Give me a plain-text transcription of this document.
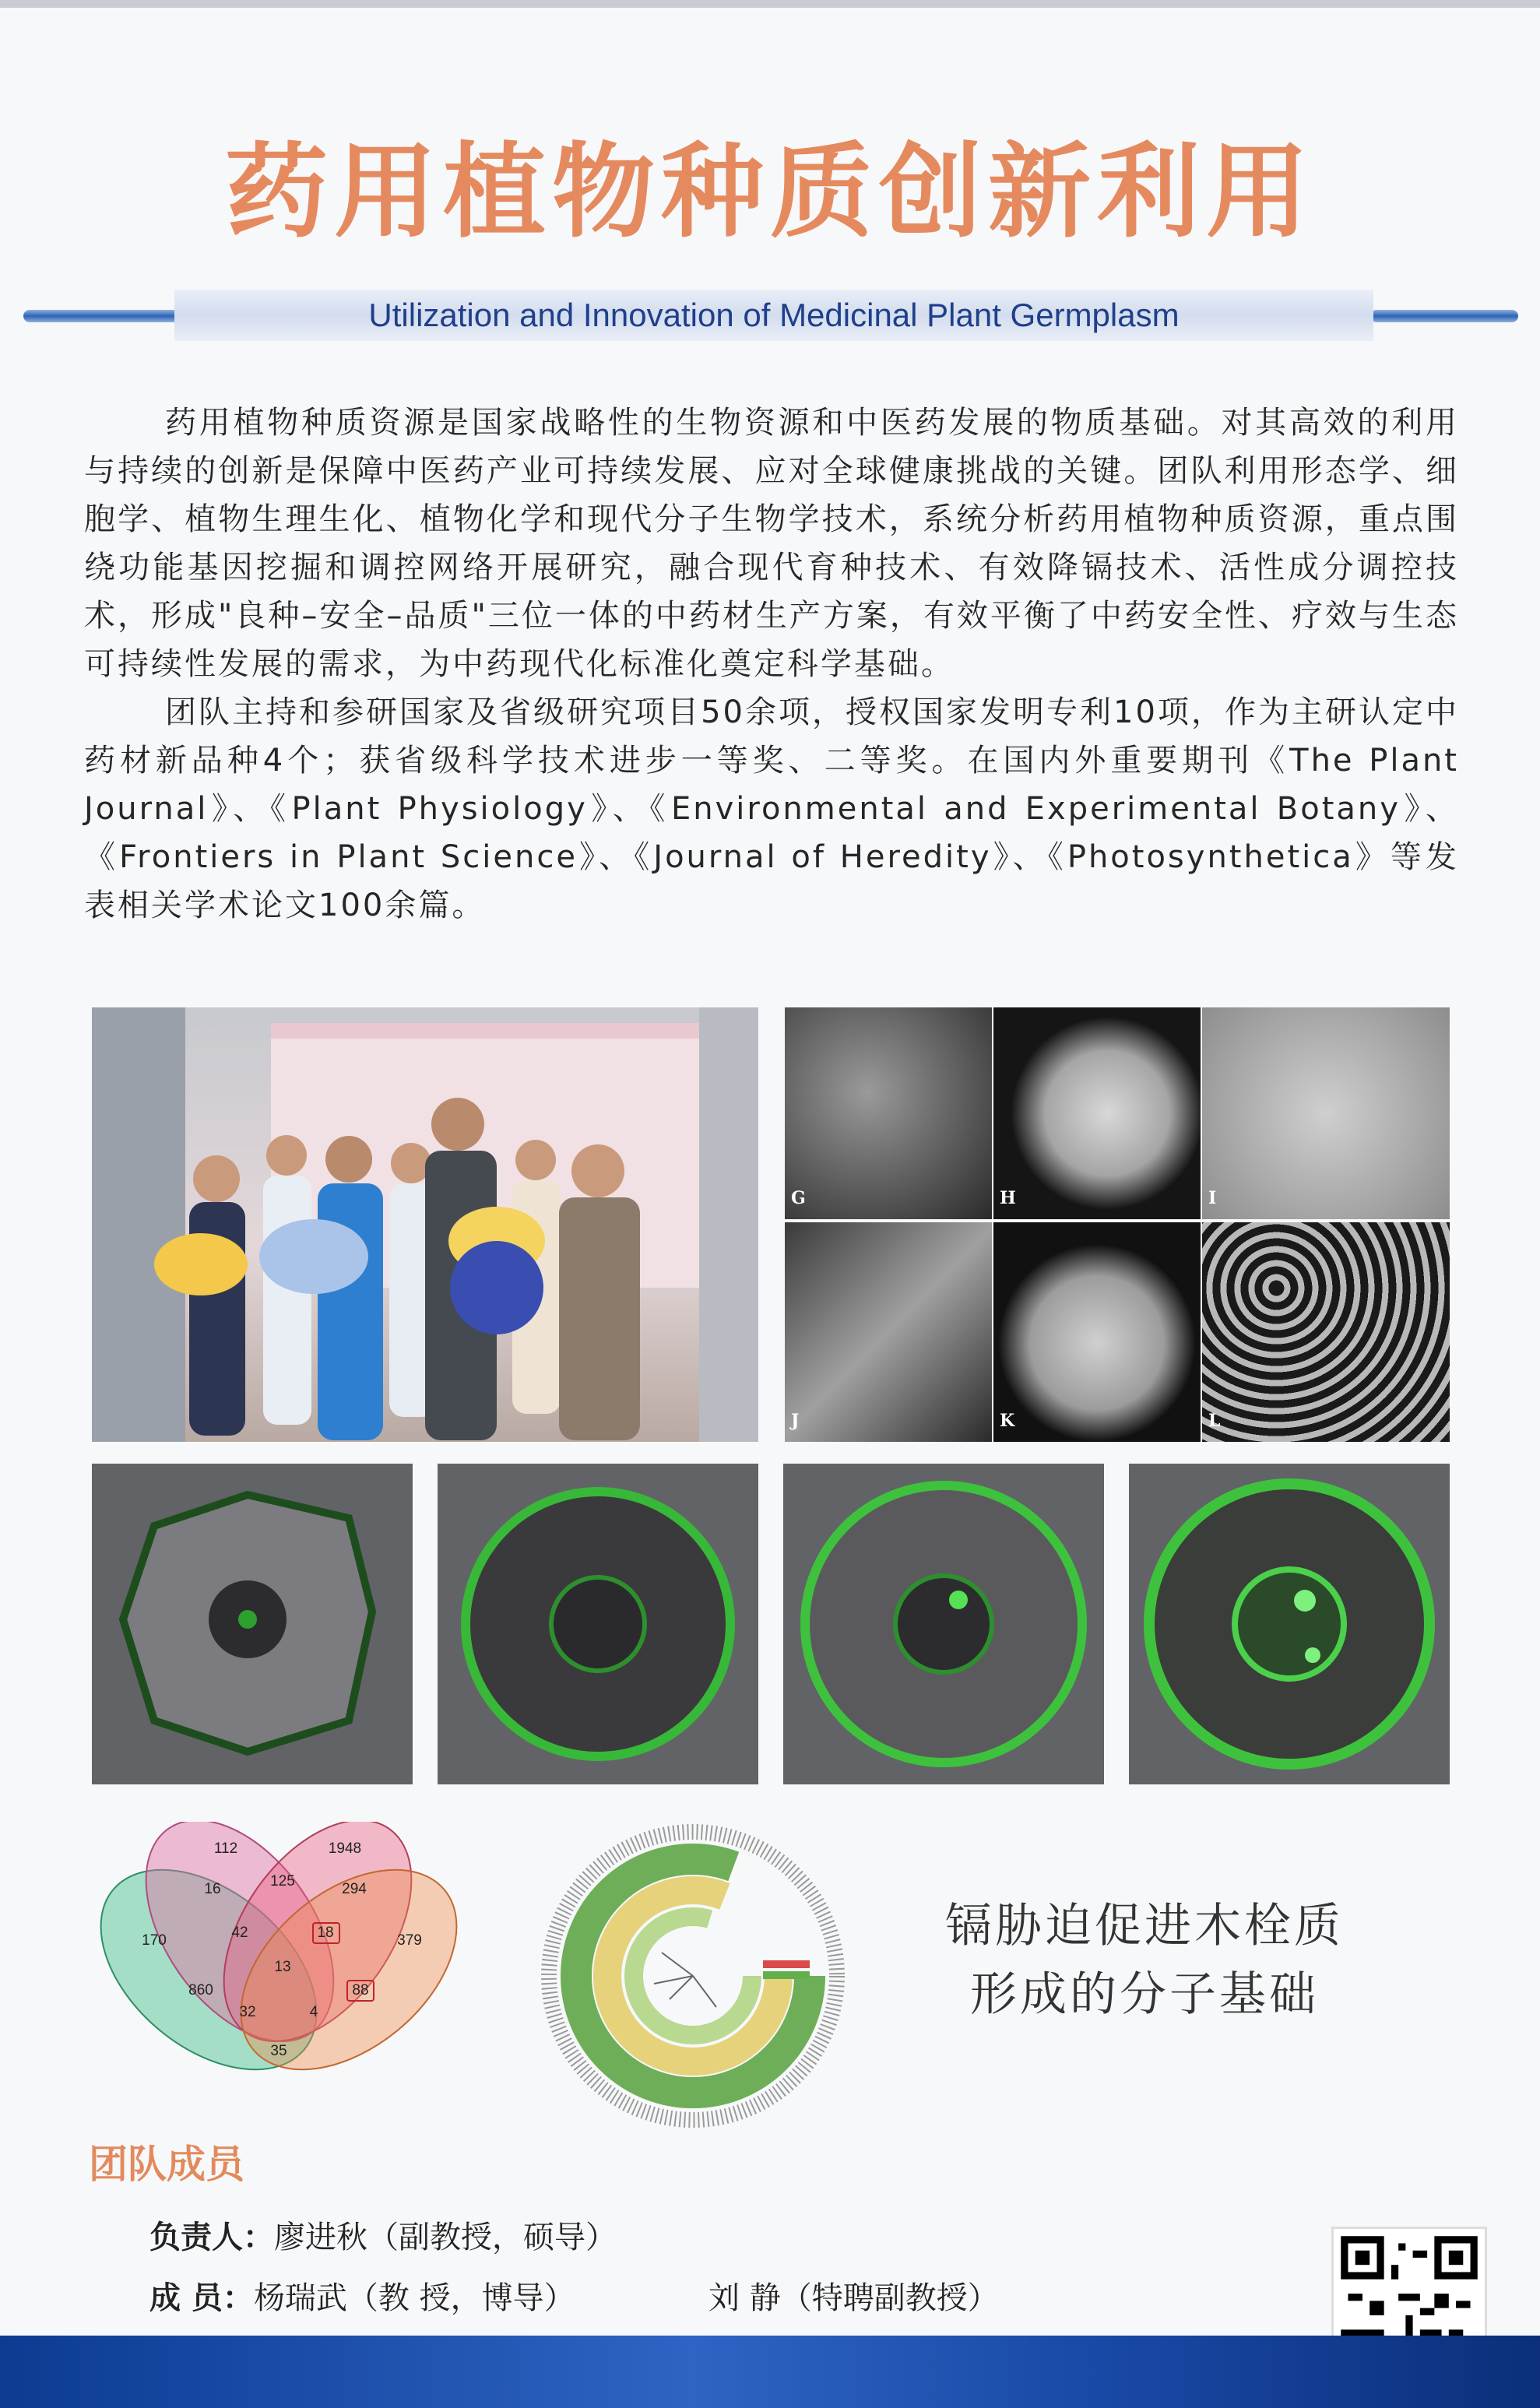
药用植物种质创新利用
Utilization and Innovation of Medicinal Plant Germplasm

药用植物种质资源是国家战略性的生物资源和中医药发展的物质基础。对其高效的利用与持续的创新是保障中医药产业可持续发展、应对全球健康挑战的关键。团队利用形态学、细胞学、植物生理生化、植物化学和现代分子生物学技术，系统分析药用植物种质资源，重点围绕功能基因挖掘和调控网络开展研究，融合现代育种技术、有效降镉技术、活性成分调控技术，形成"良种–安全–品质"三位一体的中药材生产方案，有效平衡了中药安全性、疗效与生态可持续性发展的需求，为中药现代化标准化奠定科学基础。

团队主持和参研国家及省级研究项目50余项，授权国家发明专利10项，作为主研认定中药材新品种4个；获省级科学技术进步一等奖、二等奖。在国内外重要期刊《The Plant Journal》、《Plant Physiology》、《Environmental and Experimental Botany》、《Frontiers in Plant Science》、《Journal of Heredity》、《Photosynthetica》等发表相关学术论文100余篇。

G	H	I
J	K	L
112	1948
170
16	125	294
379
42	18
13
860	88
32	4
35
镉胁迫促进木栓质
形成的分子基础
团队成员
负责人：廖进秋（副教授，硕导）
成 员：杨瑞武（教 授，博导）	刘 静（特聘副教授）
